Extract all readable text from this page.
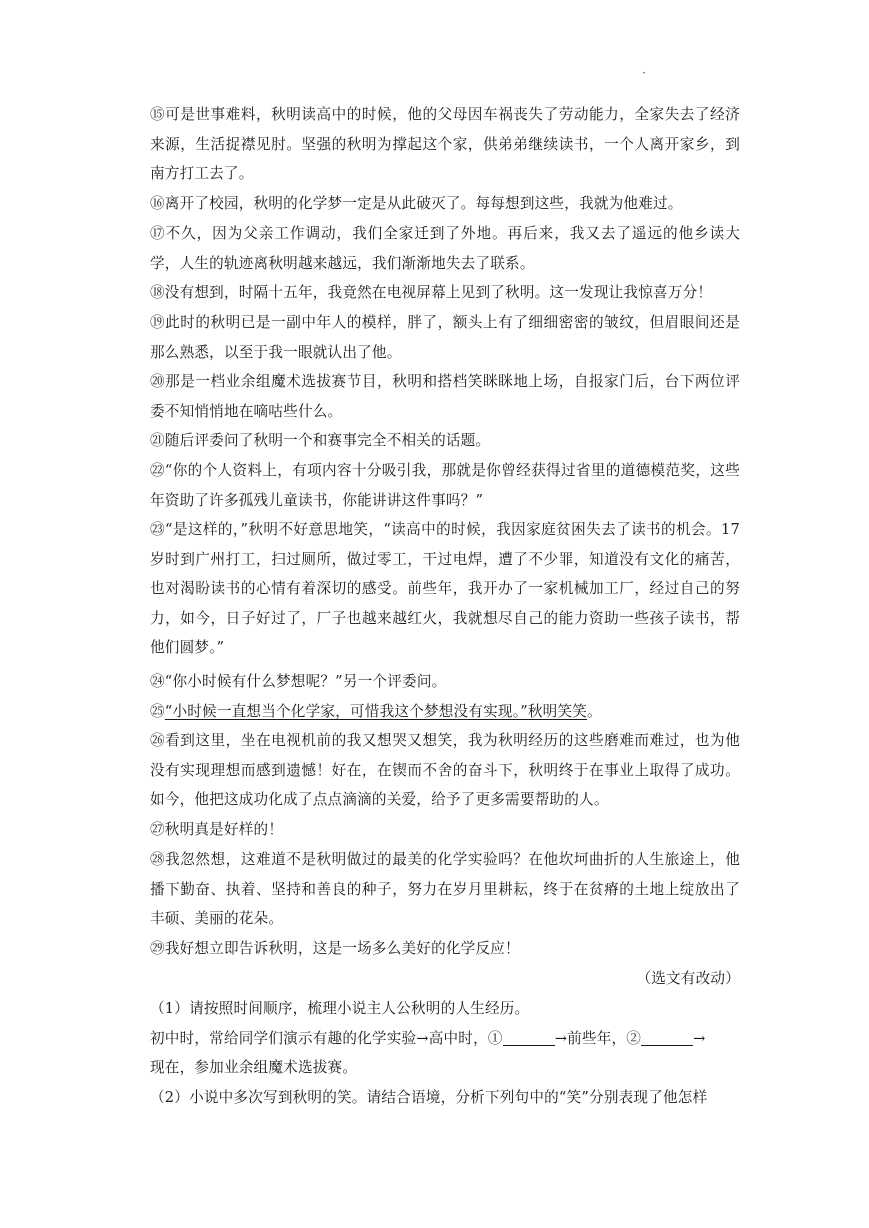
·

⑮可是世事难料，秋明读高中的时候，他的父母因车祸丧失了劳动能力，全家失去了经济来源，生活捉襟见肘。坚强的秋明为撑起这个家，供弟弟继续读书，一个人离开家乡，到南方打工去了。

⑯离开了校园，秋明的化学梦一定是从此破灭了。每每想到这些，我就为他难过。

⑰不久，因为父亲工作调动，我们全家迁到了外地。再后来，我又去了遥远的他乡读大学，人生的轨迹离秋明越来越远，我们渐渐地失去了联系。

⑱没有想到，时隔十五年，我竟然在电视屏幕上见到了秋明。这一发现让我惊喜万分！

⑲此时的秋明已是一副中年人的模样，胖了，额头上有了细细密密的皱纹，但眉眼间还是那么熟悉，以至于我一眼就认出了他。

⑳那是一档业余组魔术选拔赛节目，秋明和搭档笑眯眯地上场，自报家门后，台下两位评委不知悄悄地在嘀咕些什么。

㉑随后评委问了秋明一个和赛事完全不相关的话题。

㉒“你的个人资料上，有项内容十分吸引我，那就是你曾经获得过省里的道德模范奖，这些年资助了许多孤残儿童读书，你能讲讲这件事吗？”

㉓“是这样的，”秋明不好意思地笑，“读高中的时候，我因家庭贫困失去了读书的机会。17岁时到广州打工，扫过厕所，做过零工，干过电焊，遭了不少罪，知道没有文化的痛苦，也对渴盼读书的心情有着深切的感受。前些年，我开办了一家机械加工厂，经过自己的努力，如今，日子好过了，厂子也越来越红火，我就想尽自己的能力资助一些孩子读书，帮他们圆梦。”

㉔“你小时候有什么梦想呢？”另一个评委问。

㉕“小时候一直想当个化学家，可惜我这个梦想没有实现。”秋明笑笑。

㉖看到这里，坐在电视机前的我又想哭又想笑，我为秋明经历的这些磨难而难过，也为他没有实现理想而感到遗憾！好在，在锲而不舍的奋斗下，秋明终于在事业上取得了成功。如今，他把这成功化成了点点滴滴的关爱，给予了更多需要帮助的人。

㉗秋明真是好样的！

㉘我忽然想，这难道不是秋明做过的最美的化学实验吗？在他坎坷曲折的人生旅途上，他播下勤奋、执着、坚持和善良的种子，努力在岁月里耕耘，终于在贫瘠的土地上绽放出了丰硕、美丽的花朵。

㉙我好想立即告诉秋明，这是一场多么美好的化学反应！

（选文有改动）

（1）请按照时间顺序，梳理小说主人公秋明的人生经历。

初中时，常给同学们演示有趣的化学实验→高中时，①	→前些年，②	→

现在，参加业余组魔术选拔赛。

（2）小说中多次写到秋明的笑。请结合语境，分析下列句中的“笑”分别表现了他怎样
